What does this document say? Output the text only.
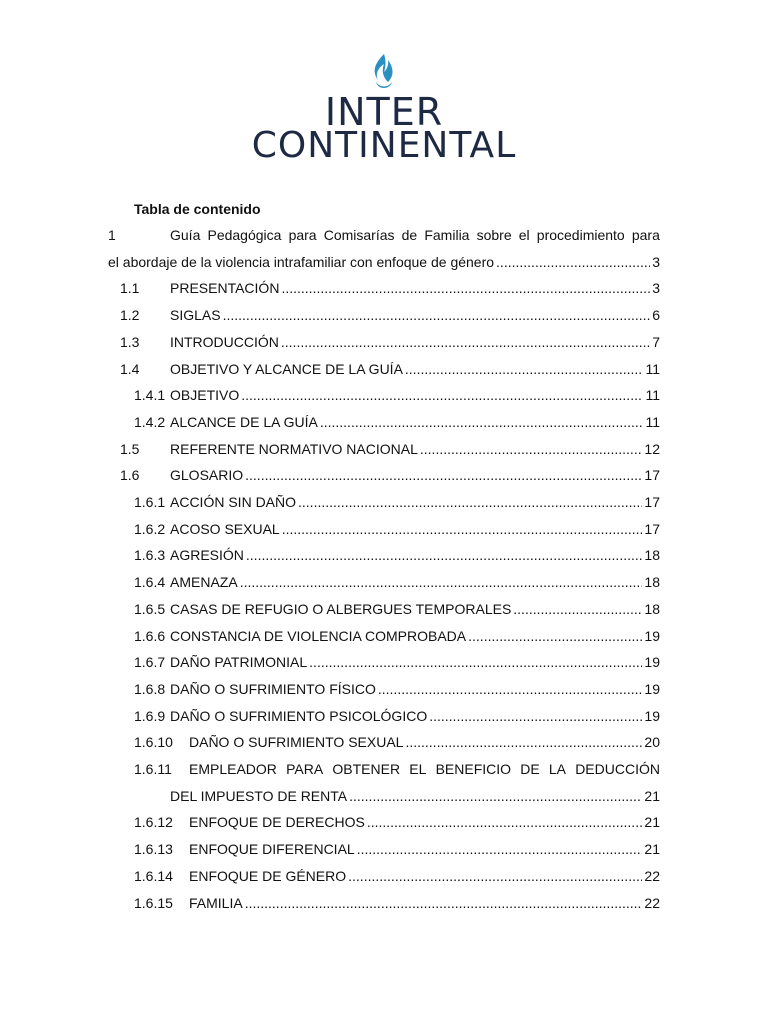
INTER
CONTINENTAL
Tabla de contenido
1	Guía Pedagógica para Comisarías de Familia sobre el procedimiento para
el abordaje de la violencia intrafamiliar con enfoque de género .....	3
1.1	PRESENTACIÓN .....	3
1.2	SIGLAS .....	6
1.3	INTRODUCCIÓN .....	7
1.4	OBJETIVO Y ALCANCE DE LA GUÍA .....	11
1.4.1 OBJETIVO .....	11
1.4.2 ALCANCE DE LA GUÍA .....	11
1.5	REFERENTE NORMATIVO NACIONAL .....	12
1.6	GLOSARIO .....	17
1.6.1 ACCIÓN SIN DAÑO .....	17
1.6.2 ACOSO SEXUAL .....	17
1.6.3 AGRESIÓN .....	18
1.6.4 AMENAZA .....	18
1.6.5 CASAS DE REFUGIO O ALBERGUES TEMPORALES .....	18
1.6.6 CONSTANCIA DE VIOLENCIA COMPROBADA .....	19
1.6.7 DAÑO PATRIMONIAL .....	19
1.6.8 DAÑO O SUFRIMIENTO FÍSICO .....	19
1.6.9 DAÑO O SUFRIMIENTO PSICOLÓGICO .....	19
1.6.10	DAÑO O SUFRIMIENTO SEXUAL .....	20
1.6.11 EMPLEADOR PARA OBTENER EL BENEFICIO DE LA DEDUCCIÓN
DEL IMPUESTO DE RENTA .....	21
1.6.12	ENFOQUE DE DERECHOS .....	21
1.6.13	ENFOQUE DIFERENCIAL .....	21
1.6.14	ENFOQUE DE GÉNERO .....	22
1.6.15	FAMILIA .....	22
